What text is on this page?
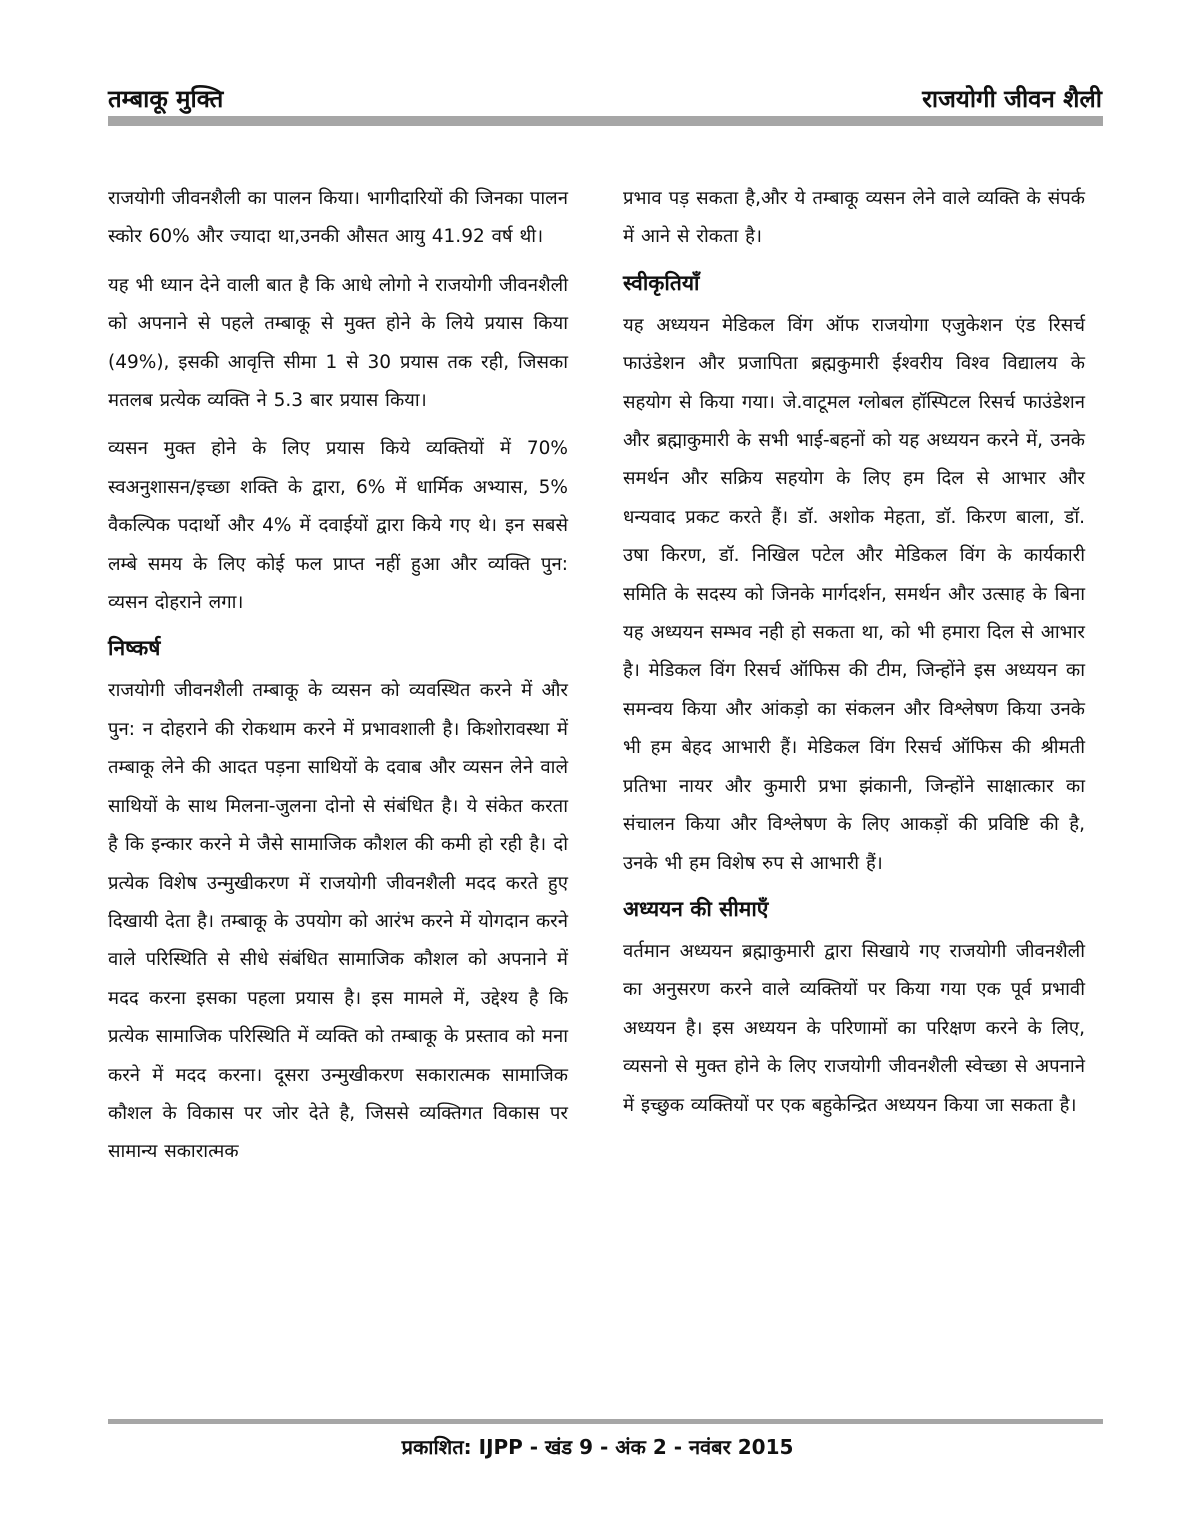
तम्बाकू मुक्ति	राजयोगी जीवन शैली

राजयोगी जीवनशैली का पालन किया। भागीदारियों की जिनका पालन स्कोर 60% और ज्यादा था,उनकी औसत आयु 41.92 वर्ष थी।

यह भी ध्यान देने वाली बात है कि आधे लोगो ने राजयोगी जीवनशैली को अपनाने से पहले तम्बाकू से मुक्त होने के लिये प्रयास किया (49%), इसकी आवृत्ति सीमा 1 से 30 प्रयास तक रही, जिसका मतलब प्रत्येक व्यक्ति ने 5.3 बार प्रयास किया।

व्यसन मुक्त होने के लिए प्रयास किये व्यक्तियों में 70% स्वअनुशासन/इच्छा शक्ति के द्वारा, 6% में धार्मिक अभ्यास, 5% वैकल्पिक पदार्थो और 4% में दवाईयों द्वारा किये गए थे। इन सबसे लम्बे समय के लिए कोई फल प्राप्त नहीं हुआ और व्यक्ति पुन: व्यसन दोहराने लगा।

निष्कर्ष

राजयोगी जीवनशैली तम्बाकू के व्यसन को व्यवस्थित करने में और पुन: न दोहराने की रोकथाम करने में प्रभावशाली है। किशोरावस्था में तम्बाकू लेने की आदत पड़ना साथियों के दवाब और व्यसन लेने वाले साथियों के साथ मिलना-जुलना दोनो से संबंधित है। ये संकेत करता है कि इन्कार करने मे जैसे सामाजिक कौशल की कमी हो रही है। दो प्रत्येक विशेष उन्मुखीकरण में राजयोगी जीवनशैली मदद करते हुए दिखायी देता है। तम्बाकू के उपयोग को आरंभ करने में योगदान करने वाले परिस्थिति से सीधे संबंधित सामाजिक कौशल को अपनाने में मदद करना इसका पहला प्रयास है। इस मामले में, उद्देश्य है कि प्रत्येक सामाजिक परिस्थिति में व्यक्ति को तम्बाकू के प्रस्ताव को मना करने में मदद करना। दूसरा उन्मुखीकरण सकारात्मक सामाजिक कौशल के विकास पर जोर देते है, जिससे व्यक्तिगत विकास पर सामान्य सकारात्मक

प्रभाव पड़ सकता है,और ये तम्बाकू व्यसन लेने वाले व्यक्ति के संपर्क में आने से रोकता है।

स्वीकृतियाँ

यह अध्ययन मेडिकल विंग ऑफ राजयोगा एजुकेशन एंड रिसर्च फाउंडेशन और प्रजापिता ब्रह्मकुमारी ईश्वरीय विश्व विद्यालय के सहयोग से किया गया। जे.वाटूमल ग्लोबल हॉस्पिटल रिसर्च फाउंडेशन और ब्रह्माकुमारी के सभी भाई-बहनों को यह अध्ययन करने में, उनके समर्थन और सक्रिय सहयोग के लिए हम दिल से आभार और धन्यवाद प्रकट करते हैं। डॉ. अशोक मेहता, डॉ. किरण बाला, डॉ. उषा किरण, डॉ. निखिल पटेल और मेडिकल विंग के कार्यकारी समिति के सदस्य को जिनके मार्गदर्शन, समर्थन और उत्साह के बिना यह अध्ययन सम्भव नही हो सकता था, को भी हमारा दिल से आभार है। मेडिकल विंग रिसर्च ऑफिस की टीम, जिन्होंने इस अध्ययन का समन्वय किया और आंकड़ो का संकलन और विश्लेषण किया उनके भी हम बेहद आभारी हैं। मेडिकल विंग रिसर्च ऑफिस की श्रीमती प्रतिभा नायर और कुमारी प्रभा झंकानी, जिन्होंने साक्षात्कार का संचालन किया और विश्लेषण के लिए आकड़ों की प्रविष्टि की है, उनके भी हम विशेष रुप से आभारी हैं।

अध्ययन की सीमाएँ

वर्तमान अध्ययन ब्रह्माकुमारी द्वारा सिखाये गए राजयोगी जीवनशैली का अनुसरण करने वाले व्यक्तियों पर किया गया एक पूर्व प्रभावी अध्ययन है। इस अध्ययन के परिणामों का परिक्षण करने के लिए, व्यसनो से मुक्त होने के लिए राजयोगी जीवनशैली स्वेच्छा से अपनाने में इच्छुक व्यक्तियों पर एक बहुकेन्द्रित अध्ययन किया जा सकता है।

प्रकाशित: IJPP - खंड 9 - अंक 2 - नवंबर 2015
